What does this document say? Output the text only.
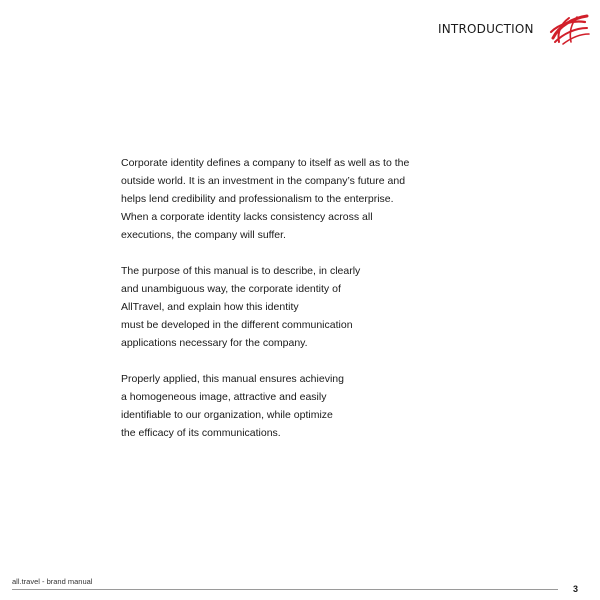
INTRODUCTION

Corporate identity defines a company to itself as well as to the
outside world. It is an investment in the company’s future and
helps lend credibility and professionalism to the enterprise.
When a corporate identity lacks consistency across all
executions, the company will suffer.

The purpose of this manual is to describe, in clearly
and unambiguous way, the corporate identity of
AllTravel, and explain how this identity
must be developed in the different communication
applications necessary for the company.

Properly applied, this manual ensures achieving
a homogeneous image, attractive and easily
identifiable to our organization, while optimize
the efficacy of its communications.

all.travel - brand manual
3
